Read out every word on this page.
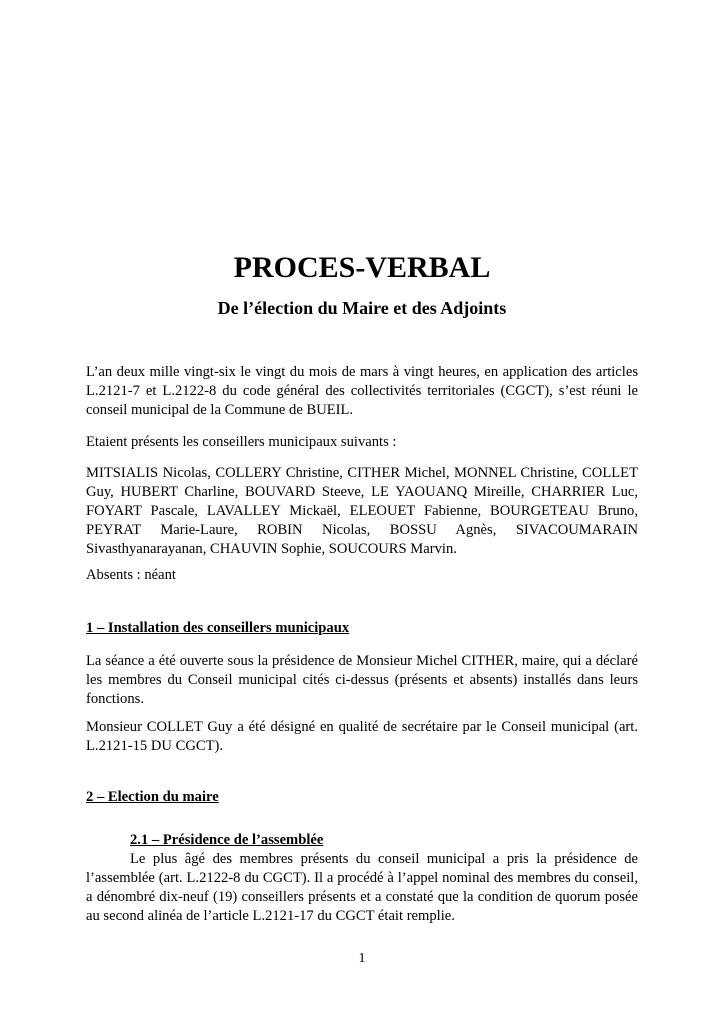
PROCES-VERBAL
De l’élection du Maire et des Adjoints

L’an deux mille vingt-six le vingt du mois de mars à vingt heures, en application des articles L.2121-7 et L.2122-8 du code général des collectivités territoriales (CGCT), s’est réuni le conseil municipal de la Commune de BUEIL.

Etaient présents les conseillers municipaux suivants :

MITSIALIS Nicolas, COLLERY Christine, CITHER Michel, MONNEL Christine, COLLET Guy, HUBERT Charline, BOUVARD Steeve, LE YAOUANQ Mireille, CHARRIER Luc, FOYART Pascale, LAVALLEY Mickaël, ELEOUET Fabienne, BOURGETEAU Bruno, PEYRAT Marie-Laure, ROBIN Nicolas, BOSSU Agnès, SIVACOUMARAIN Sivasthyanarayanan, CHAUVIN Sophie, SOUCOURS Marvin.

Absents : néant

1 – Installation des conseillers municipaux

La séance a été ouverte sous la présidence de Monsieur Michel CITHER, maire, qui a déclaré les membres du Conseil municipal cités ci-dessus (présents et absents) installés dans leurs fonctions.

Monsieur COLLET Guy a été désigné en qualité de secrétaire par le Conseil municipal (art. L.2121-15 DU CGCT).

2 – Election du maire

2.1 – Présidence de l’assemblée

Le plus âgé des membres présents du conseil municipal a pris la présidence de l’assemblée (art. L.2122-8 du CGCT). Il a procédé à l’appel nominal des membres du conseil, a dénombré dix-neuf (19) conseillers présents et a constaté que la condition de quorum posée au second alinéa de l’article L.2121-17 du CGCT était remplie.

1
